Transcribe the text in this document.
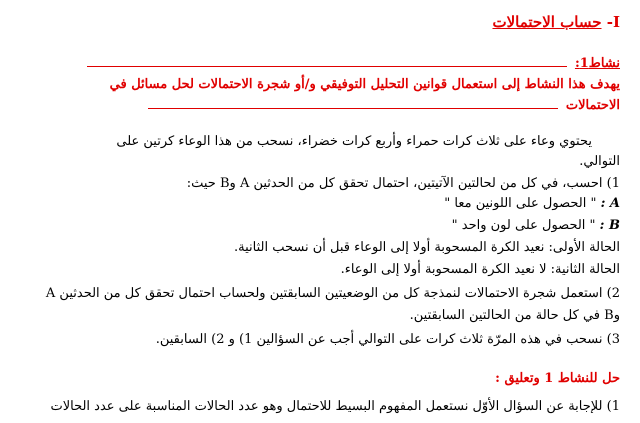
I- حساب الاحتمالات
نشاط1:
يهدف هذا النشاط إلى استعمال قوانين التحليل التوفيقي و/أو شجرة الاحتمالات لحل مسائل في
الاحتمالات
يحتوي وعاء على ثلاث كرات حمراء وأربع كرات خضراء، نسحب من هذا الوعاء كرتين على
التوالي.
1) احسب، في كل من لحالتين الآتيتين، احتمال تحقق كل من الحدثين A وB حيث:
A : " الحصول على اللونين معا "
B : " الحصول على لون واحد "
الحالة الأولى: نعيد الكرة المسحوبة أولا إلى الوعاء قبل أن نسحب الثانية.
الحالة الثانية: لا نعيد الكرة المسحوبة أولا إلى الوعاء.
2) استعمل شجرة الاحتمالات لنمذجة كل من الوضعيتين السابقتين ولحساب احتمال تحقق كل من الحدثين A
وB في كل حالة من الحالتين السابقتين.
3) نسحب في هذه المرّة ثلاث كرات على التوالي أجب عن السؤالين 1) و 2) السابقين.
حل للنشاط 1 وتعليق :
1) للإجابة عن السؤال الأوّل نستعمل المفهوم البسيط للاحتمال وهو عدد الحالات المناسبة على عدد الحالات
